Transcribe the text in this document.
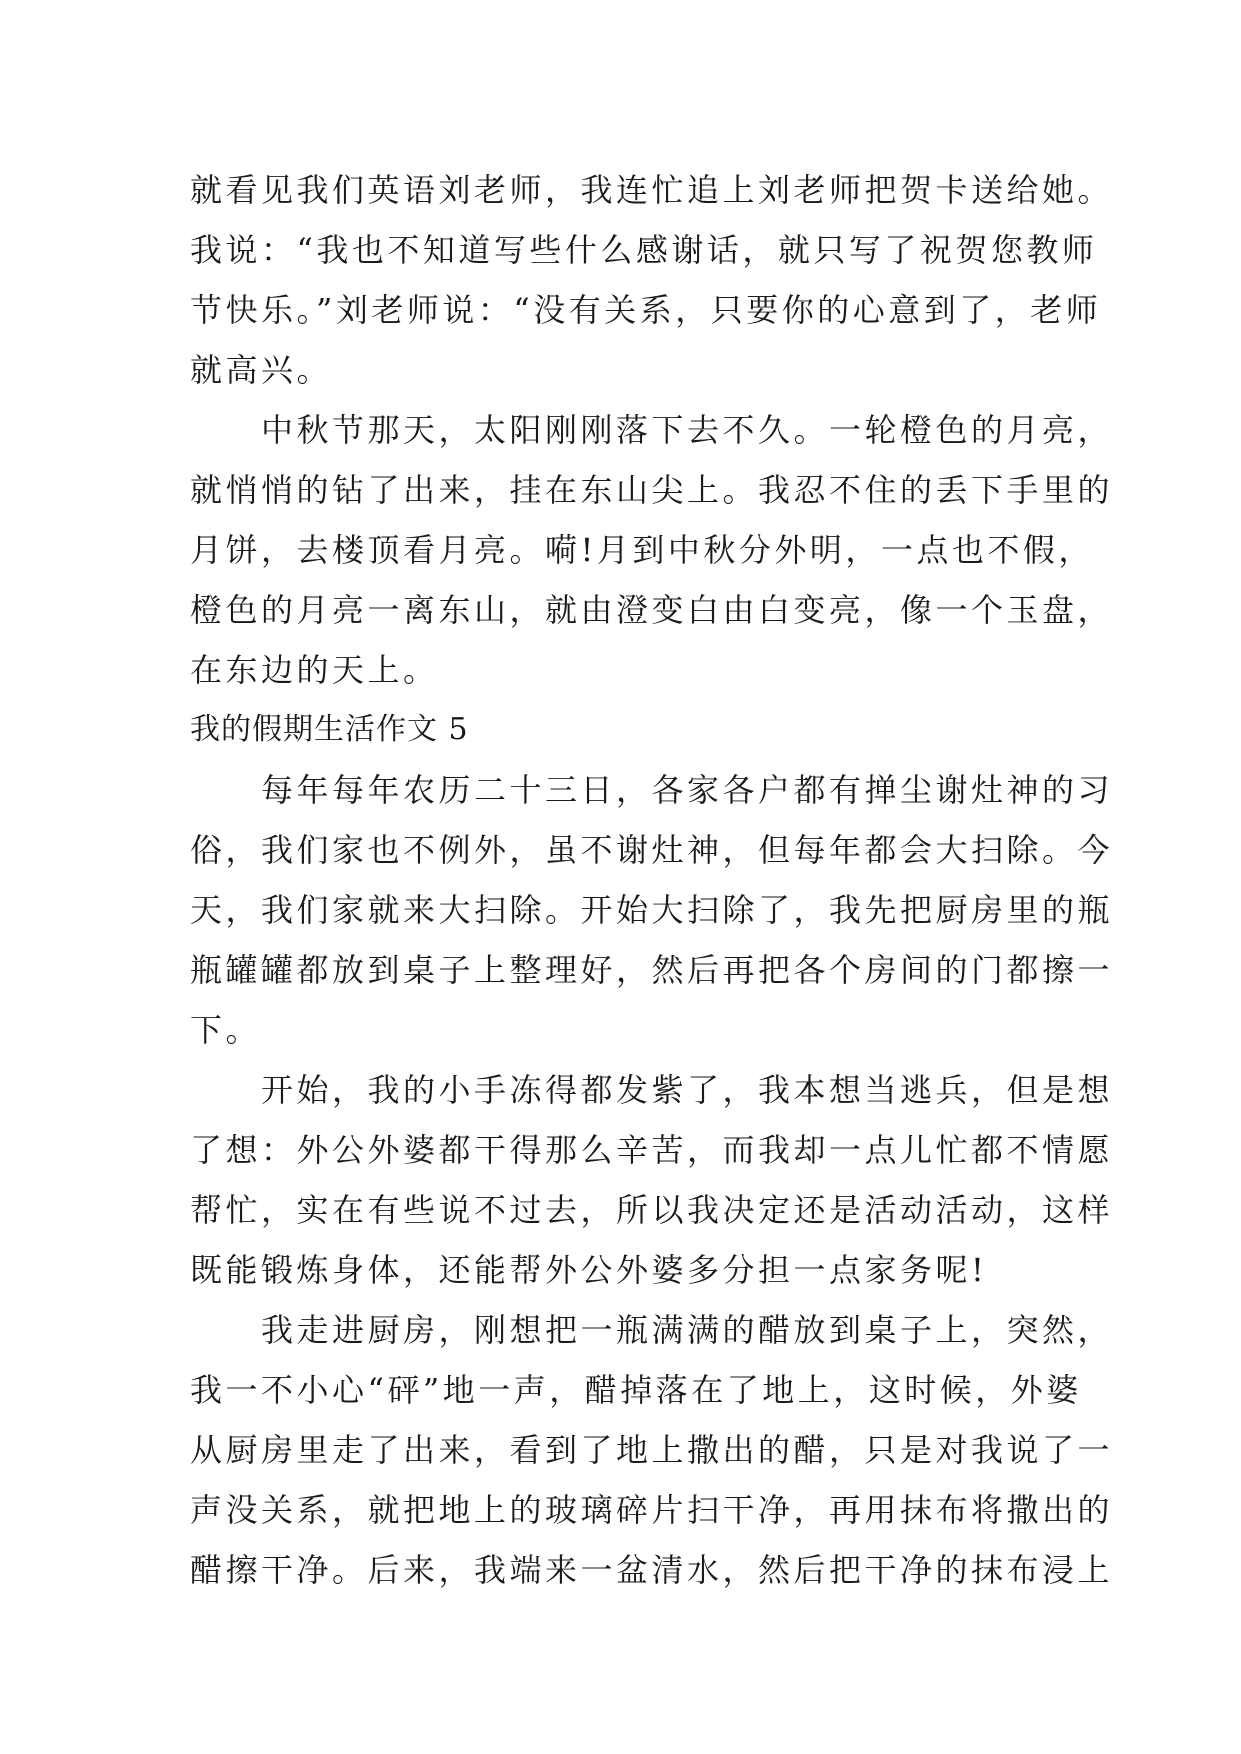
就看见我们英语刘老师，我连忙追上刘老师把贺卡送给她。
我说：“我也不知道写些什么感谢话，就只写了祝贺您教师
节快乐。”刘老师说：“没有关系，只要你的心意到了，老师
就高兴。
　　中秋节那天，太阳刚刚落下去不久。一轮橙色的月亮，
就悄悄的钻了出来，挂在东山尖上。我忍不住的丢下手里的
月饼，去楼顶看月亮。嗬!月到中秋分外明，一点也不假，
橙色的月亮一离东山，就由澄变白由白变亮，像一个玉盘，
在东边的天上。
我的假期生活作文 5
　　每年每年农历二十三日，各家各户都有掸尘谢灶神的习
俗，我们家也不例外，虽不谢灶神，但每年都会大扫除。今
天，我们家就来大扫除。开始大扫除了，我先把厨房里的瓶
瓶罐罐都放到桌子上整理好，然后再把各个房间的门都擦一
下。
　　开始，我的小手冻得都发紫了，我本想当逃兵，但是想
了想：外公外婆都干得那么辛苦，而我却一点儿忙都不情愿
帮忙，实在有些说不过去，所以我决定还是活动活动，这样
既能锻炼身体，还能帮外公外婆多分担一点家务呢!
　　我走进厨房，刚想把一瓶满满的醋放到桌子上，突然，
我一不小心“砰”地一声，醋掉落在了地上，这时候，外婆
从厨房里走了出来，看到了地上撒出的醋，只是对我说了一
声没关系，就把地上的玻璃碎片扫干净，再用抹布将撒出的
醋擦干净。后来，我端来一盆清水，然后把干净的抹布浸上
